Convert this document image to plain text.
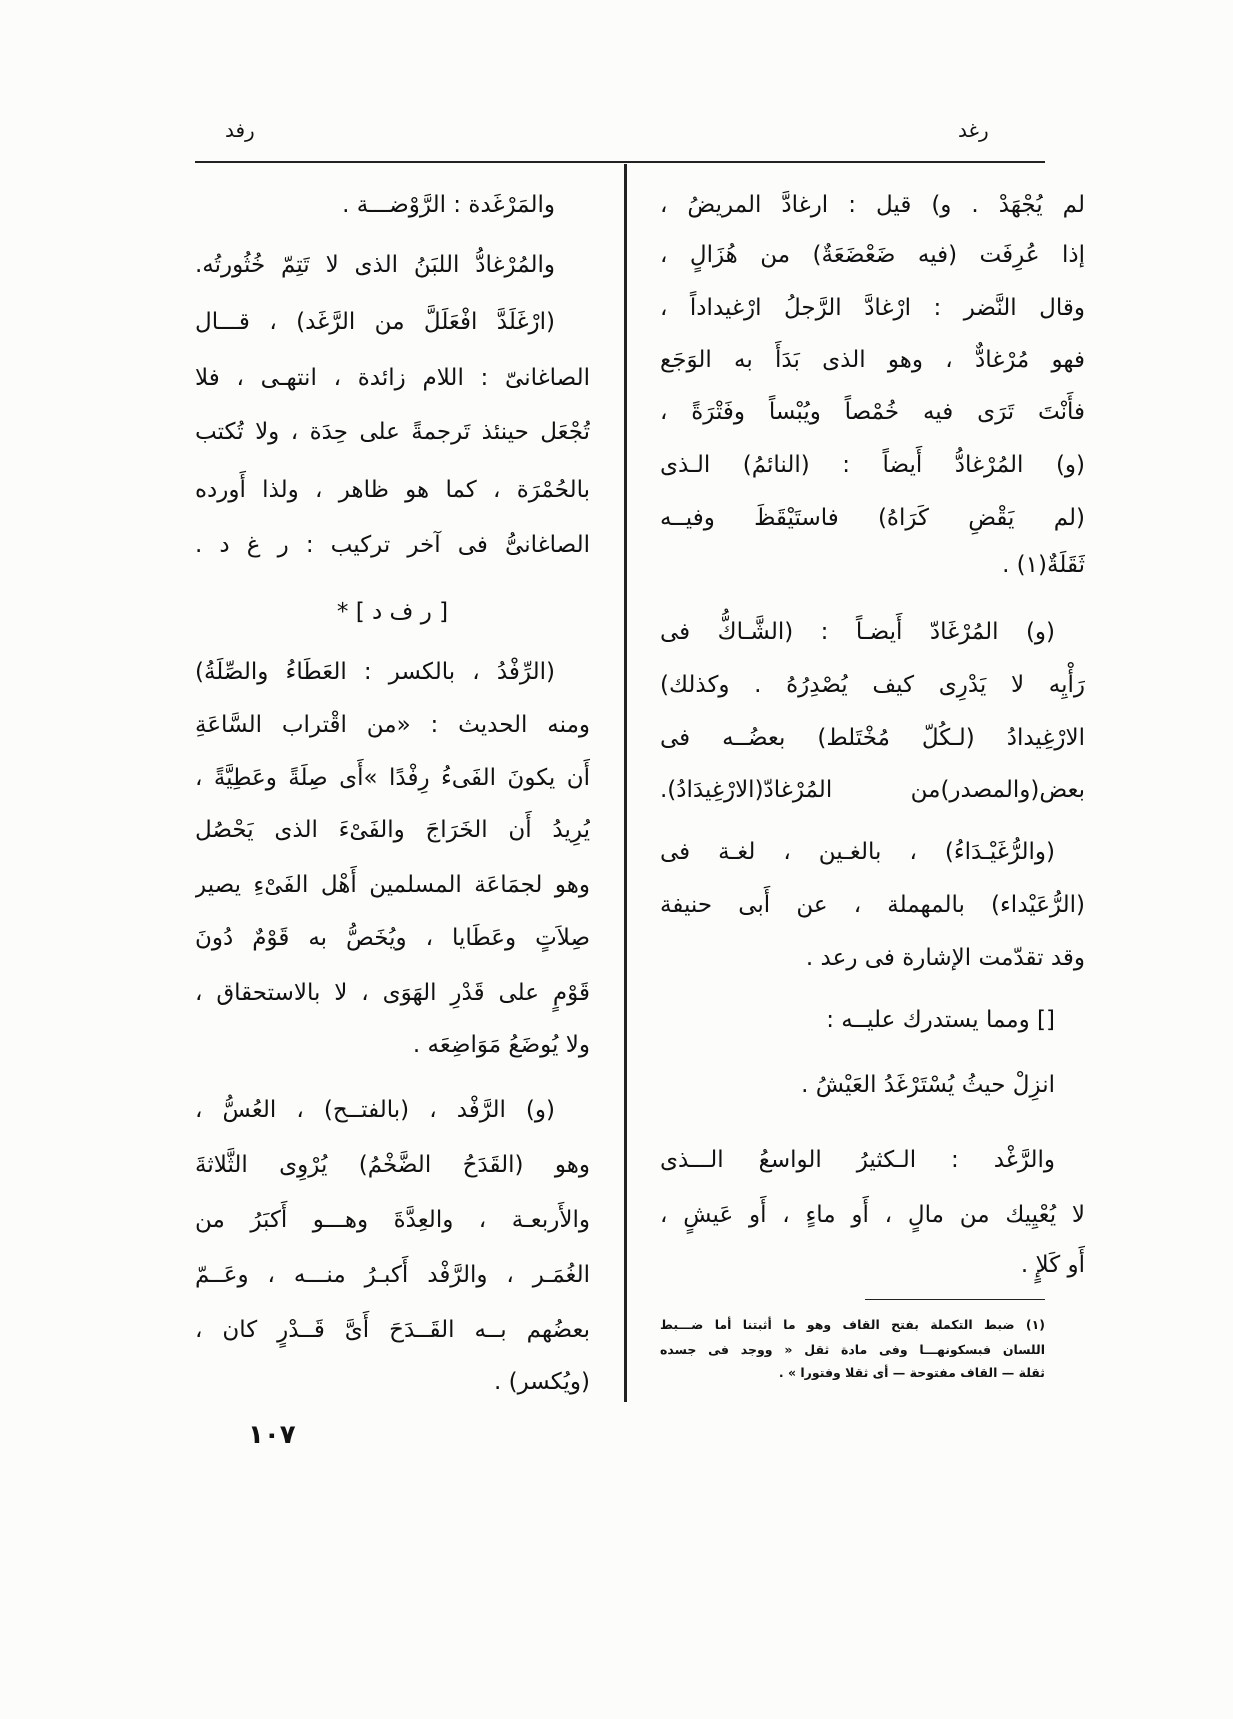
رغد
رفد
لم يُجْهَدْ . و) قيل : ارغادَّ المريضُ ،
إذا عُرِفَت (فيه ضَعْضَعَةٌ) من هُزَالٍ ،
وقال النَّضر : ارْغادَّ الرَّجلُ ارْغيداداً ،
فهو مُرْغادٌّ ، وهو الذى بَدَأَ به الوَجَع
فأَنْتَ تَرَى فيه خُمْصاً ويُبْساً وفَتْرَةً ،
(و) المُرْغادُّ أَيضاً : (النائمُ) الـذى
(لم يَقْضِ كَرَاهُ) فاستَيْقَظَ وفيــه
ثَقَلَةٌ(١) .
(و) المُرْغَادّ أَيضـاً : (الشَّـاكُّ فى
رَأْيِه لا يَدْرِى كيف يُصْدِرُهُ . وكذلك)
الارْغِيدادُ (لـكُلّ مُخْتَلط) بعضُــه فى
بعض(والمصدر)من المُرْغادّ(الارْغِيدَادُ).
(والرُّغَيْـدَاءُ) ، بالغـين ، لغـة فى
(الرُّعَيْداء) بالمهملة ، عن أَبى حنيفة
وقد تقدّمت الإشارة فى رعد .
[] ومما يستدرك عليــه :
انزِلْ حيثُ يُسْتَرْغَدُ العَيْشُ .
والرَّغْد : الـكثيرُ الواسعُ الـــذى
لا يُعْيِيك من مالٍ ، أَو ماءٍ ، أَو عَيشٍ ،
أَو كَلإٍ .
(١) ضبط التكملة بفتح القاف وهو ما أثبتنا أما ضـــبط
اللسان فبسكونهـــا وفى مادة ثقل « ووجد فى جسده
ثقلة — القاف مفتوحة — أى ثقلا وفتورا » .
والمَرْغَدة : الرَّوْضـــة .
والمُرْغادُّ اللبَنُ الذى لا تَتِمّ خُثُورتُه.
(ارْغَلَدَّ افْعَلَلَّ من الرَّغَد) ، قـــال
الصاغانىّ : اللام زائدة ، انتهـى ، فلا
تُجْعَل حينئذ تَرجمةً على حِدَة ، ولا تُكتب
بالحُمْرَة ، كما هو ظاهر ، ولذا أَورده
الصاغانىُّ فى آخر تركيب : ر غ د .
[ ر ف د ] *
(الرِّفْدُ ، بالكسر : العَطَاءُ والصِّلَةُ)
ومنه الحديث : «من اقْتراب السَّاعَةِ
أَن يكونَ الفَىءُ رِفْدًا »أَى صِلَةً وعَطِيَّةً ،
يُرِيدُ أَن الخَرَاجَ والفَىْءَ الذى يَحْصُل
وهو لجمَاعَة المسلمين أَهْل الفَىْءِ يصير
صِلاَتٍ وعَطَايا ، ويُخَصُّ به قَوْمٌ دُونَ
قَوْمٍ على قَدْرِ الهَوَى ، لا بالاستحقاق ،
ولا يُوضَعُ مَوَاضِعَه .
(و) الرَّفْد ، (بالفتــح) ، العُسُّ ،
وهو (القَدَحُ الضَّخْمُ) يُرْوِى الثَّلاثةَ
والأَربعـة ، والعِدَّةَ وهـــو أَكبَرُ من
الغُمَـر ، والرَّفْد أَكبـرُ منـــه ، وعَــمّ
بعضُهم بــه القَــدَحَ أَىَّ قَــدْرٍ كان ،
(ويُكسر) .
١٠٧
